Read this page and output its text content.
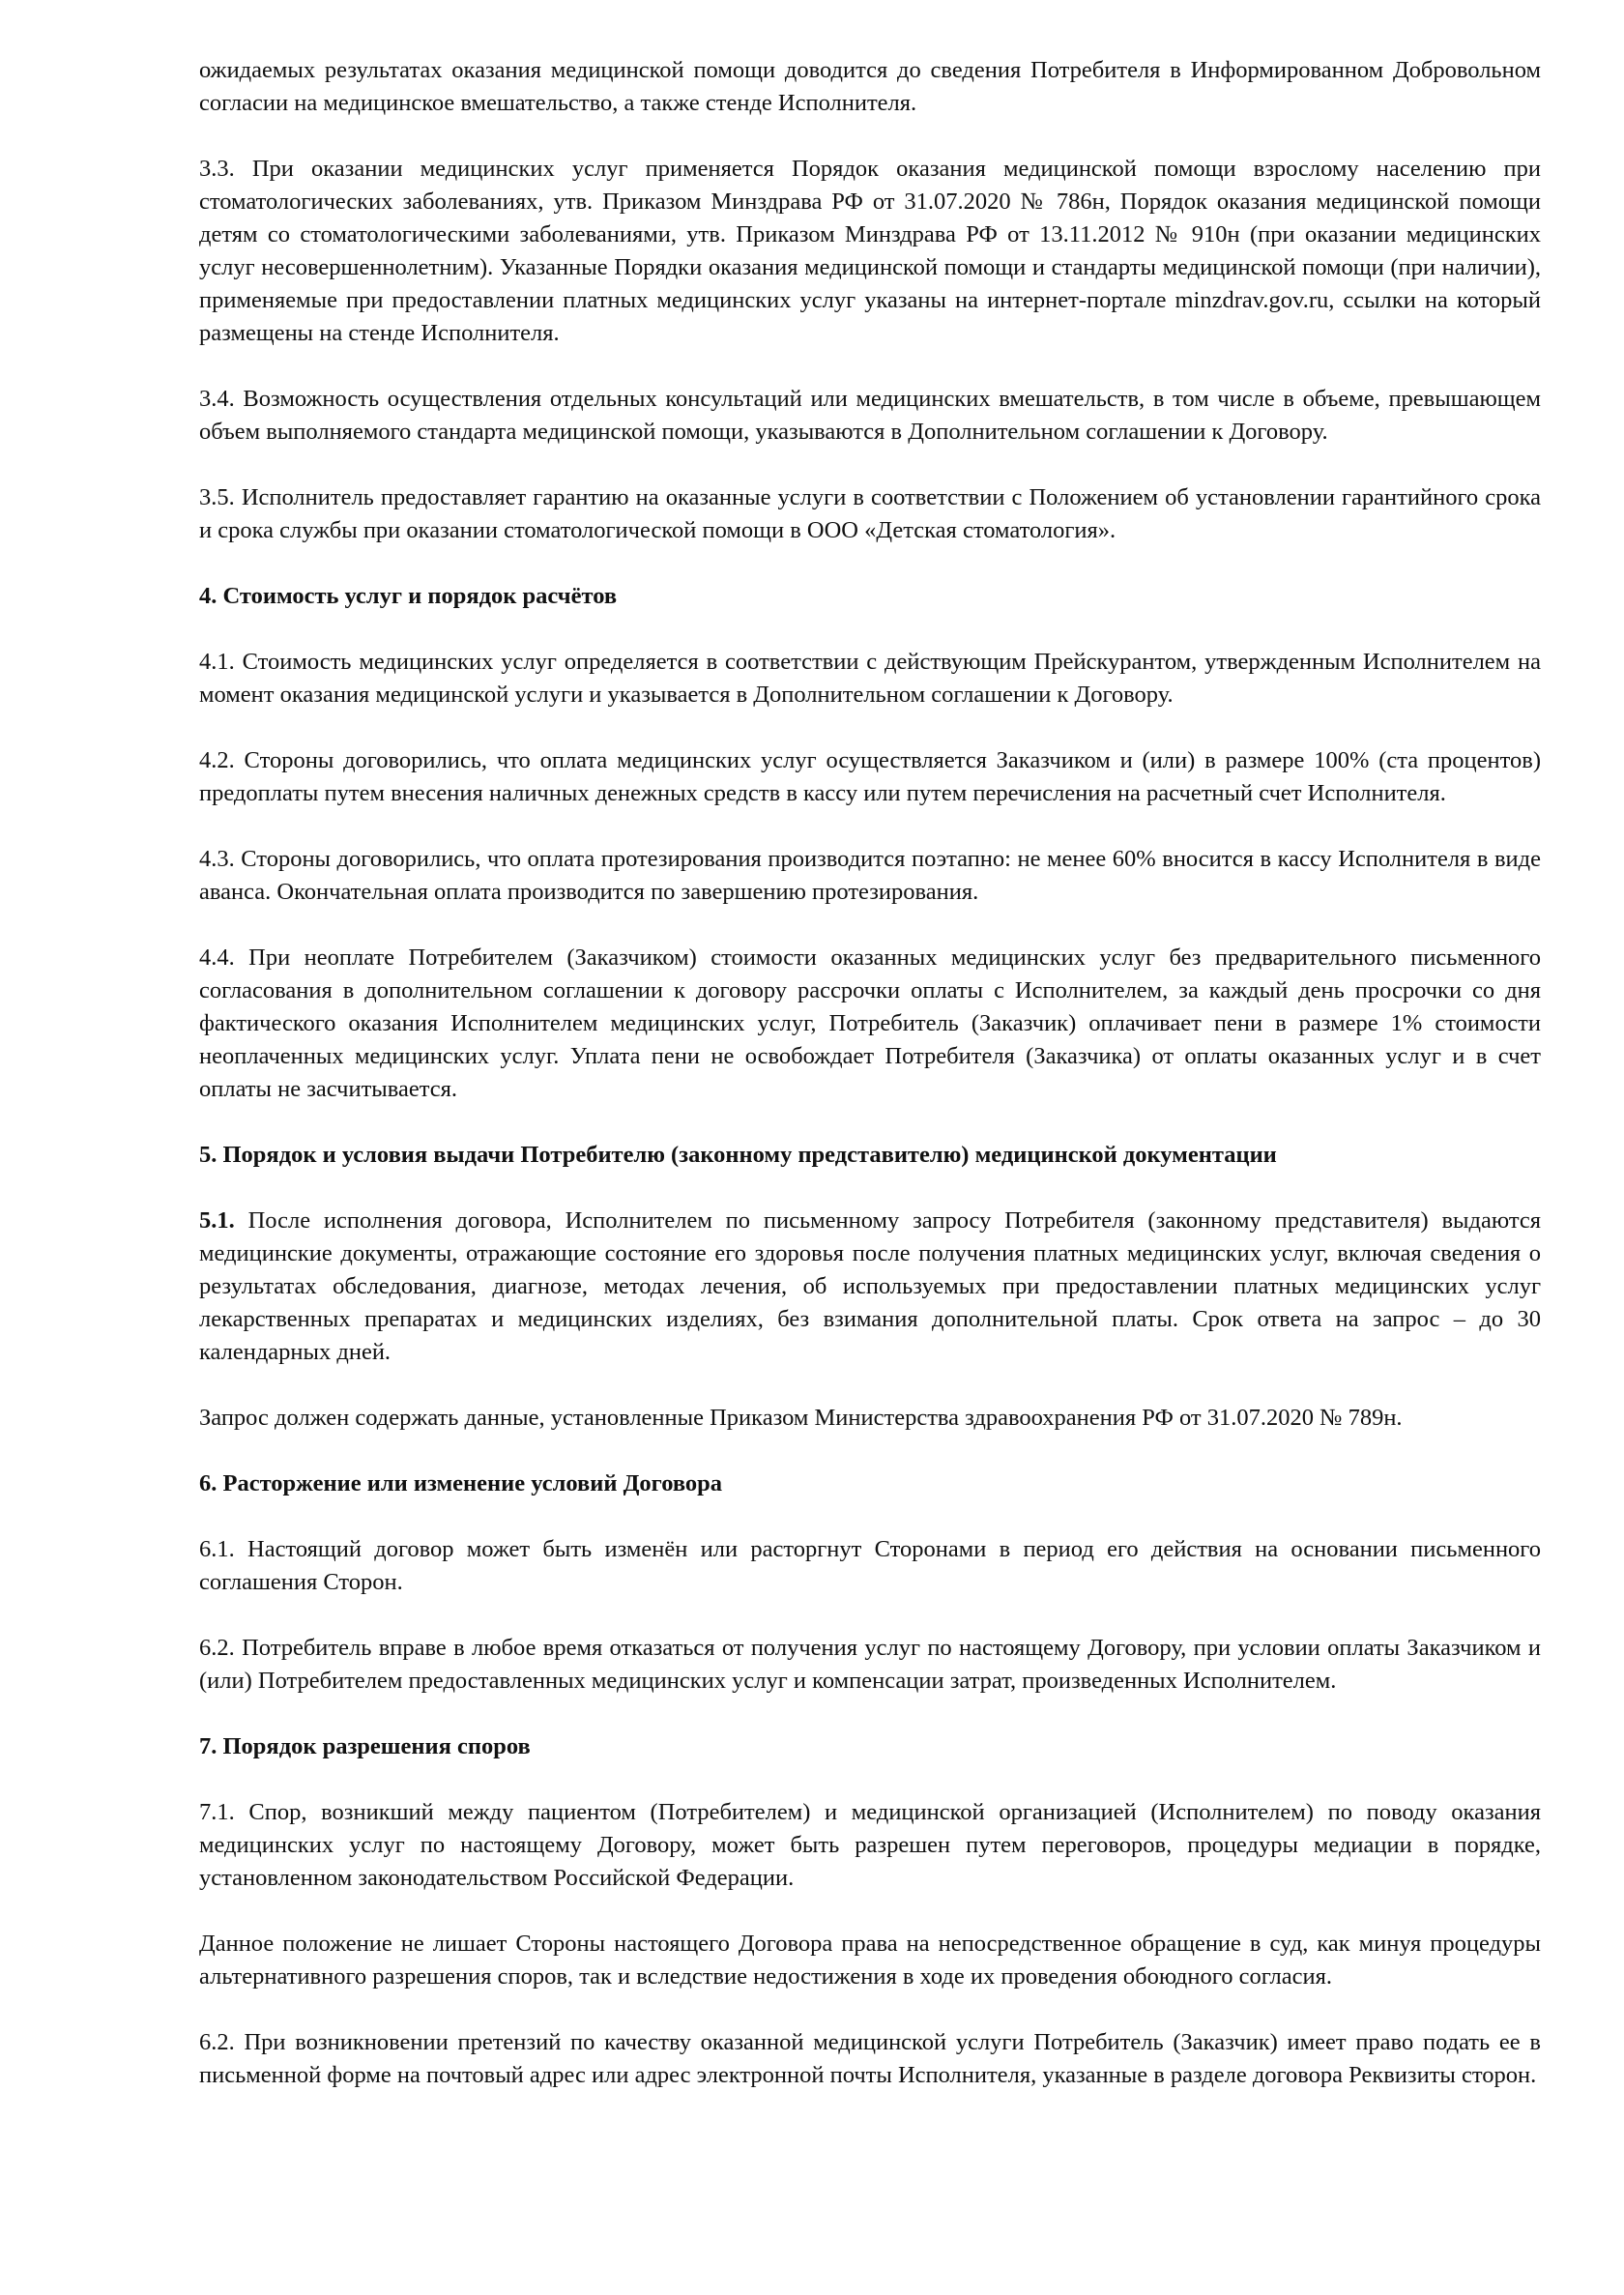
ожидаемых результатах оказания медицинской помощи доводится до сведения Потребителя в Информированном Добровольном согласии на медицинское вмешательство, а также стенде Исполнителя.

3.3. При оказании медицинских услуг применяется Порядок оказания медицинской помощи взрослому населению при стоматологических заболеваниях, утв. Приказом Минздрава РФ от 31.07.2020 № 786н, Порядок оказания медицинской помощи детям со стоматологическими заболеваниями, утв. Приказом Минздрава РФ от 13.11.2012 № 910н (при оказании медицинских услуг несовершеннолетним). Указанные Порядки оказания медицинской помощи и стандарты медицинской помощи (при наличии), применяемые при предоставлении платных медицинских услуг указаны на интернет-портале minzdrav.gov.ru, ссылки на который размещены на стенде Исполнителя.

3.4. Возможность осуществления отдельных консультаций или медицинских вмешательств, в том числе в объеме, превышающем объем выполняемого стандарта медицинской помощи, указываются в Дополнительном соглашении к Договору.

3.5. Исполнитель предоставляет гарантию на оказанные услуги в соответствии с Положением об установлении гарантийного срока и срока службы при оказании стоматологической помощи в ООО «Детская стоматология».

4. Стоимость услуг и порядок расчётов

4.1. Стоимость медицинских услуг определяется в соответствии с действующим Прейскурантом, утвержденным Исполнителем на момент оказания медицинской услуги и указывается в Дополнительном соглашении к Договору.

4.2. Стороны договорились, что оплата медицинских услуг осуществляется Заказчиком и (или) в размере 100% (ста процентов) предоплаты путем внесения наличных денежных средств в кассу или путем перечисления на расчетный счет Исполнителя.

4.3. Стороны договорились, что оплата протезирования производится поэтапно: не менее 60% вносится в кассу Исполнителя в виде аванса. Окончательная оплата производится по завершению протезирования.

4.4. При неоплате Потребителем (Заказчиком) стоимости оказанных медицинских услуг без предварительного письменного согласования в дополнительном соглашении к договору рассрочки оплаты с Исполнителем, за каждый день просрочки со дня фактического оказания Исполнителем медицинских услуг, Потребитель (Заказчик) оплачивает пени в размере 1% стоимости неоплаченных медицинских услуг. Уплата пени не освобождает Потребителя (Заказчика) от оплаты оказанных услуг и в счет оплаты не засчитывается.

5. Порядок и условия выдачи Потребителю (законному представителю) медицинской документации

5.1. После исполнения договора, Исполнителем по письменному запросу Потребителя (законному представителя) выдаются медицинские документы, отражающие состояние его здоровья после получения платных медицинских услуг, включая сведения о результатах обследования, диагнозе, методах лечения, об используемых при предоставлении платных медицинских услуг лекарственных препаратах и медицинских изделиях, без взимания дополнительной платы. Срок ответа на запрос – до 30 календарных дней.

Запрос должен содержать данные, установленные Приказом Министерства здравоохранения РФ от 31.07.2020 № 789н.

6. Расторжение или изменение условий Договора

6.1. Настоящий договор может быть изменён или расторгнут Сторонами в период его действия на основании письменного соглашения Сторон.

6.2. Потребитель вправе в любое время отказаться от получения услуг по настоящему Договору, при условии оплаты Заказчиком и (или) Потребителем предоставленных медицинских услуг и компенсации затрат, произведенных Исполнителем.

7. Порядок разрешения споров

7.1. Спор, возникший между пациентом (Потребителем) и медицинской организацией (Исполнителем) по поводу оказания медицинских услуг по настоящему Договору, может быть разрешен путем переговоров, процедуры медиации в порядке, установленном законодательством Российской Федерации.

Данное положение не лишает Стороны настоящего Договора права на непосредственное обращение в суд, как минуя процедуры альтернативного разрешения споров, так и вследствие недостижения в ходе их проведения обоюдного согласия.

6.2. При возникновении претензий по качеству оказанной медицинской услуги Потребитель (Заказчик) имеет право подать ее в письменной форме на почтовый адрес или адрес электронной почты Исполнителя, указанные в разделе договора Реквизиты сторон.
